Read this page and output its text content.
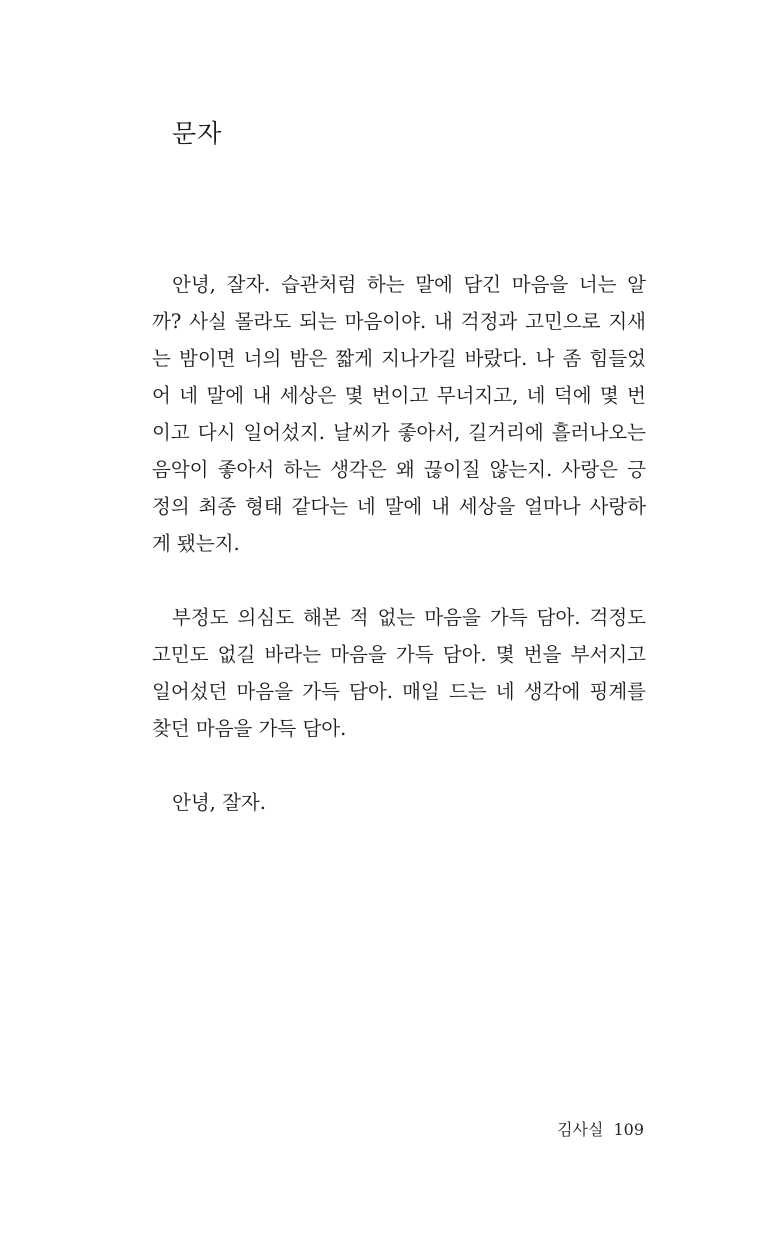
문자
안녕, 잘자. 습관처럼 하는 말에 담긴 마음을 너는 알
까? 사실 몰라도 되는 마음이야. 내 걱정과 고민으로 지새
는 밤이면 너의 밤은 짧게 지나가길 바랐다. 나 좀 힘들었
어 네 말에 내 세상은 몇 번이고 무너지고, 네 덕에 몇 번
이고 다시 일어섰지. 날씨가 좋아서, 길거리에 흘러나오는
음악이 좋아서 하는 생각은 왜 끊이질 않는지. 사랑은 긍
정의 최종 형태 같다는 네 말에 내 세상을 얼마나 사랑하
게 됐는지.
부정도 의심도 해본 적 없는 마음을 가득 담아. 걱정도
고민도 없길 바라는 마음을 가득 담아. 몇 번을 부서지고
일어섰던 마음을 가득 담아. 매일 드는 네 생각에 핑계를
찾던 마음을 가득 담아.
안녕, 잘자.
김사실 109
